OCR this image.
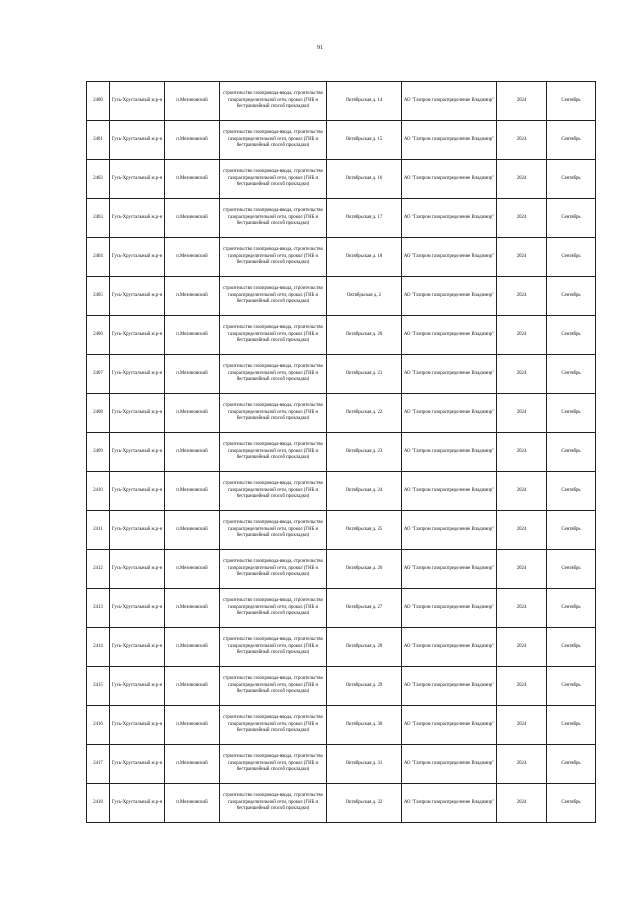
91
2400	Гусь-Хрустальный м.р-н	п.Мезиновский	строительство газопровода-ввода, строительство газораспределительной сети, прокол (ГНБ и бестраншейный способ прокладки)	Октябрьская д. 14	АО "Газпром газораспределение Владимир"	2024	Сентябрь
2401	Гусь-Хрустальный м.р-н	п.Мезиновский	строительство газопровода-ввода, строительство газораспределительной сети, прокол (ГНБ и бестраншейный способ прокладки)	Октябрьская д. 15	АО "Газпром газораспределение Владимир"	2024	Сентябрь
2402	Гусь-Хрустальный м.р-н	п.Мезиновский	строительство газопровода-ввода, строительство газораспределительной сети, прокол (ГНБ и бестраншейный способ прокладки)	Октябрьская д. 16	АО "Газпром газораспределение Владимир"	2024	Сентябрь
2403	Гусь-Хрустальный м.р-н	п.Мезиновский	строительство газопровода-ввода, строительство газораспределительной сети, прокол (ГНБ и бестраншейный способ прокладки)	Октябрьская д. 17	АО "Газпром газораспределение Владимир"	2024	Сентябрь
2404	Гусь-Хрустальный м.р-н	п.Мезиновский	строительство газопровода-ввода, строительство газораспределительной сети, прокол (ГНБ и бестраншейный способ прокладки)	Октябрьская д. 18	АО "Газпром газораспределение Владимир"	2024	Сентябрь
2405	Гусь-Хрустальный м.р-н	п.Мезиновский	строительство газопровода-ввода, строительство газораспределительной сети, прокол (ГНБ и бестраншейный способ прокладки)	Октябрьская д. 2	АО "Газпром газораспределение Владимир"	2024	Сентябрь
2406	Гусь-Хрустальный м.р-н	п.Мезиновский	строительство газопровода-ввода, строительство газораспределительной сети, прокол (ГНБ и бестраншейный способ прокладки)	Октябрьская д. 20	АО "Газпром газораспределение Владимир"	2024	Сентябрь
2407	Гусь-Хрустальный м.р-н	п.Мезиновский	строительство газопровода-ввода, строительство газораспределительной сети, прокол (ГНБ и бестраншейный способ прокладки)	Октябрьская д. 21	АО "Газпром газораспределение Владимир"	2024	Сентябрь
2408	Гусь-Хрустальный м.р-н	п.Мезиновский	строительство газопровода-ввода, строительство газораспределительной сети, прокол (ГНБ и бестраншейный способ прокладки)	Октябрьская д. 22	АО "Газпром газораспределение Владимир"	2024	Сентябрь
2409	Гусь-Хрустальный м.р-н	п.Мезиновский	строительство газопровода-ввода, строительство газораспределительной сети, прокол (ГНБ и бестраншейный способ прокладки)	Октябрьская д. 23	АО "Газпром газораспределение Владимир"	2024	Сентябрь
2410	Гусь-Хрустальный м.р-н	п.Мезиновский	строительство газопровода-ввода, строительство газораспределительной сети, прокол (ГНБ и бестраншейный способ прокладки)	Октябрьская д. 24	АО "Газпром газораспределение Владимир"	2024	Сентябрь
2411	Гусь-Хрустальный м.р-н	п.Мезиновский	строительство газопровода-ввода, строительство газораспределительной сети, прокол (ГНБ и бестраншейный способ прокладки)	Октябрьская д. 25	АО "Газпром газораспределение Владимир"	2024	Сентябрь
2412	Гусь-Хрустальный м.р-н	п.Мезиновский	строительство газопровода-ввода, строительство газораспределительной сети, прокол (ГНБ и бестраншейный способ прокладки)	Октябрьская д. 26	АО "Газпром газораспределение Владимир"	2024	Сентябрь
2413	Гусь-Хрустальный м.р-н	п.Мезиновский	строительство газопровода-ввода, строительство газораспределительной сети, прокол (ГНБ и бестраншейный способ прокладки)	Октябрьская д. 27	АО "Газпром газораспределение Владимир"	2024	Сентябрь
2414	Гусь-Хрустальный м.р-н	п.Мезиновский	строительство газопровода-ввода, строительство газораспределительной сети, прокол (ГНБ и бестраншейный способ прокладки)	Октябрьская д. 28	АО "Газпром газораспределение Владимир"	2024	Сентябрь
2415	Гусь-Хрустальный м.р-н	п.Мезиновский	строительство газопровода-ввода, строительство газораспределительной сети, прокол (ГНБ и бестраншейный способ прокладки)	Октябрьская д. 29	АО "Газпром газораспределение Владимир"	2024	Сентябрь
2416	Гусь-Хрустальный м.р-н	п.Мезиновский	строительство газопровода-ввода, строительство газораспределительной сети, прокол (ГНБ и бестраншейный способ прокладки)	Октябрьская д. 30	АО "Газпром газораспределение Владимир"	2024	Сентябрь
2417	Гусь-Хрустальный м.р-н	п.Мезиновский	строительство газопровода-ввода, строительство газораспределительной сети, прокол (ГНБ и бестраншейный способ прокладки)	Октябрьская д. 31	АО "Газпром газораспределение Владимир"	2024	Сентябрь
2418	Гусь-Хрустальный м.р-н	п.Мезиновский	строительство газопровода-ввода, строительство газораспределительной сети, прокол (ГНБ и бестраншейный способ прокладки)	Октябрьская д. 32	АО "Газпром газораспределение Владимир"	2024	Сентябрь
